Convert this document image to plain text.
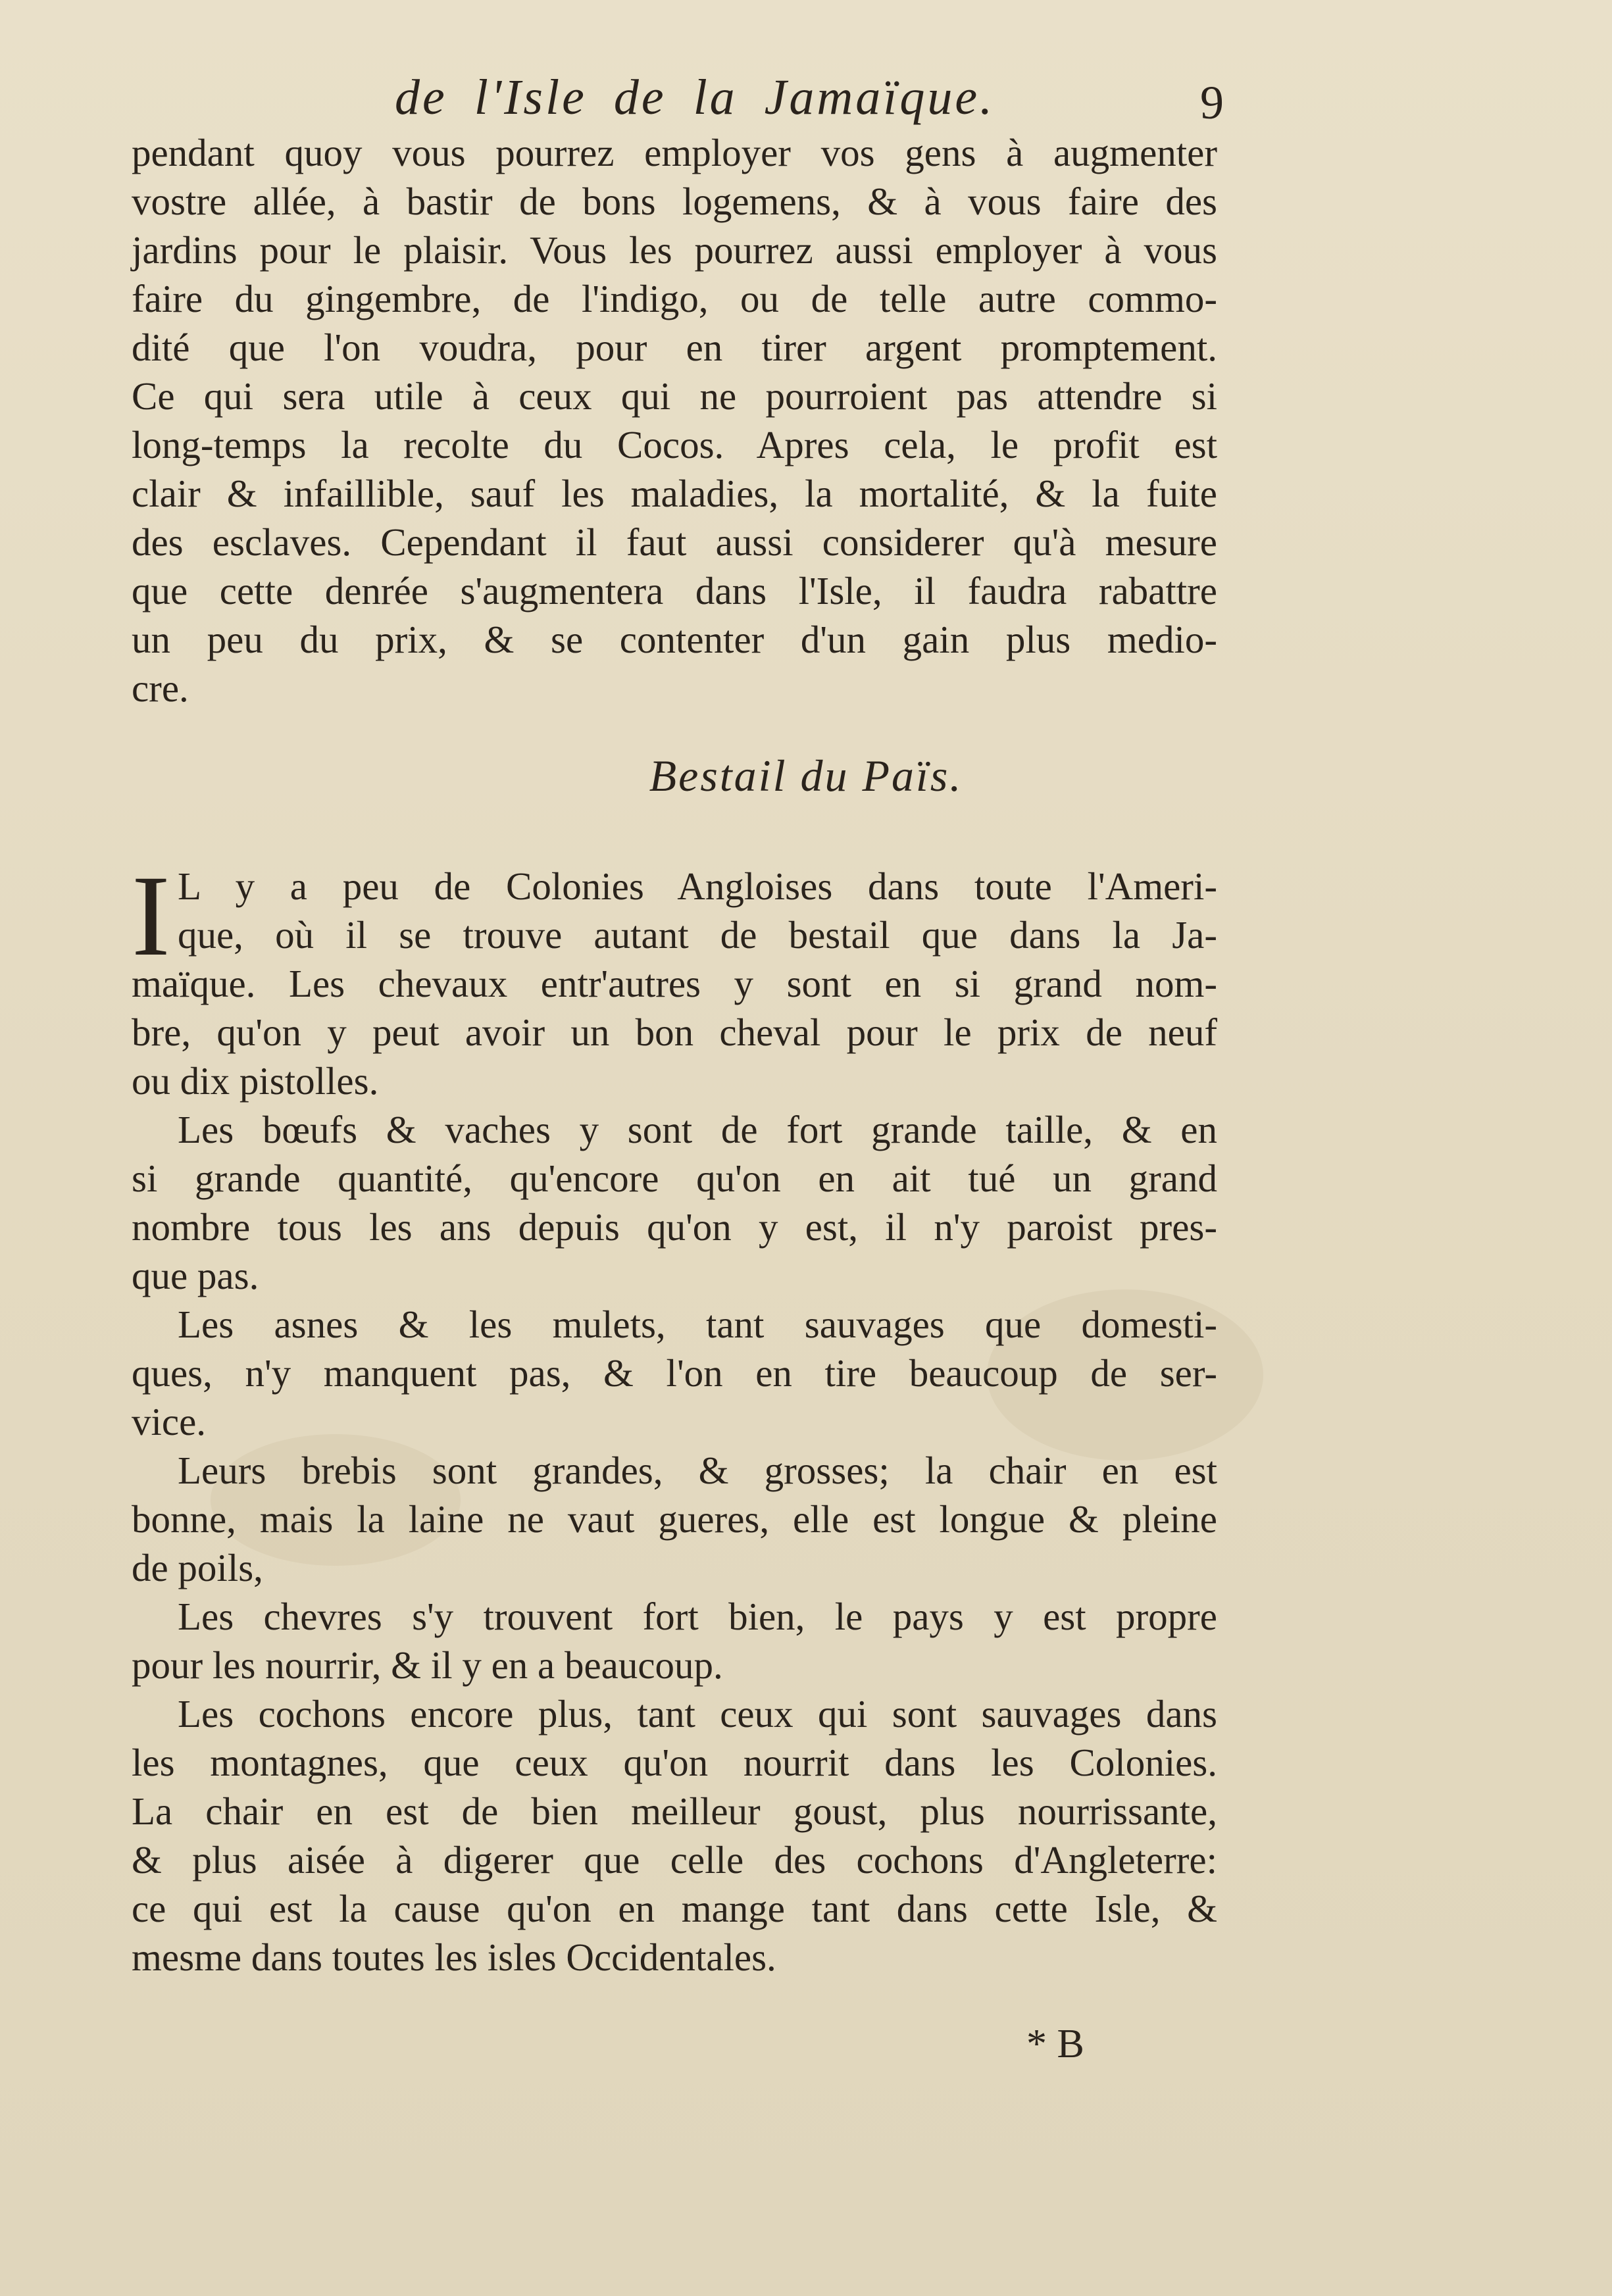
de l'Isle de la Jamaïque.	9
pendant quoy vous pourrez employer vos gens à augmenter
vostre allée, à bastir de bons logemens, & à vous faire des
jardins pour le plaisir. Vous les pourrez aussi employer à vous
faire du gingembre, de l'indigo, ou de telle autre commo-
dité que l'on voudra, pour en tirer argent promptement.
Ce qui sera utile à ceux qui ne pourroient pas attendre si
long-temps la recolte du Cocos. Apres cela, le profit est
clair & infaillible, sauf les maladies, la mortalité, & la fuite
des esclaves. Cependant il faut aussi considerer qu'à mesure
que cette denrée s'augmentera dans l'Isle, il faudra rabattre
un peu du prix, & se contenter d'un gain plus medio-
cre.
Bestail du Païs.
I L y a peu de Colonies Angloises dans toute l'Ameri-
que, où il se trouve autant de bestail que dans la Ja-
maïque. Les chevaux entr'autres y sont en si grand nom-
bre, qu'on y peut avoir un bon cheval pour le prix de neuf
ou dix pistolles.
Les bœufs & vaches y sont de fort grande taille, & en
si grande quantité, qu'encore qu'on en ait tué un grand
nombre tous les ans depuis qu'on y est, il n'y paroist pres-
que pas.
Les asnes & les mulets, tant sauvages que domesti-
ques, n'y manquent pas, & l'on en tire beaucoup de ser-
vice.
Leurs brebis sont grandes, & grosses; la chair en est
bonne, mais la laine ne vaut gueres, elle est longue & pleine
de poils,
Les chevres s'y trouvent fort bien, le pays y est propre
pour les nourrir, & il y en a beaucoup.
Les cochons encore plus, tant ceux qui sont sauvages dans
les montagnes, que ceux qu'on nourrit dans les Colonies.
La chair en est de bien meilleur goust, plus nourrissante,
& plus aisée à digerer que celle des cochons d'Angleterre:
ce qui est la cause qu'on en mange tant dans cette Isle, &
mesme dans toutes les isles Occidentales.
* B
